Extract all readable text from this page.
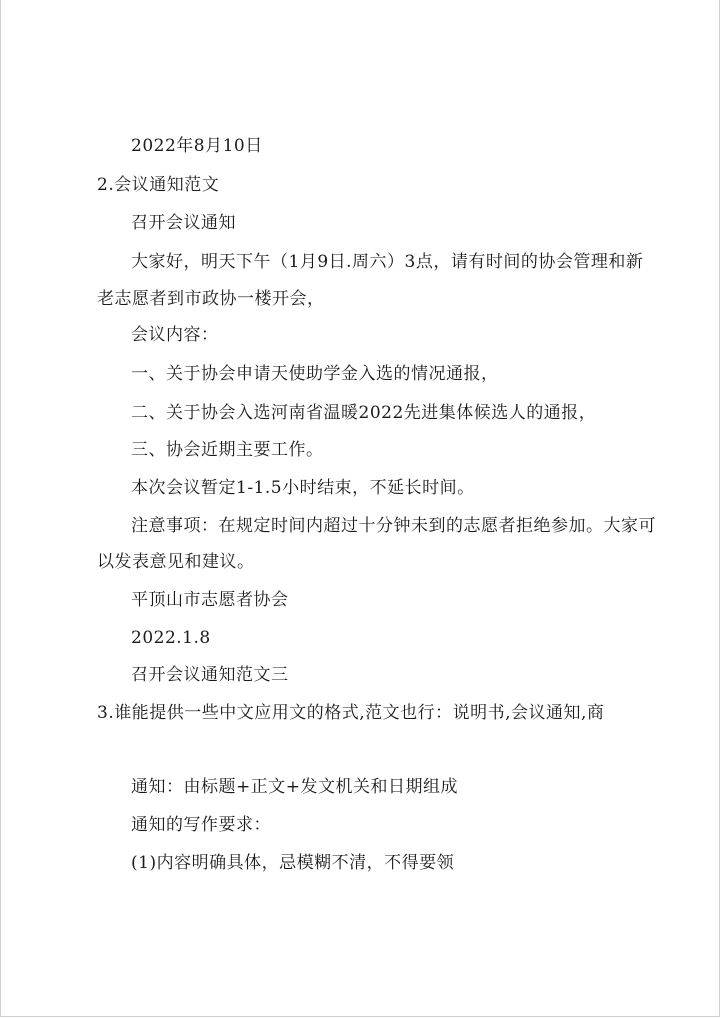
2022年8月10日
2.会议通知范文
召开会议通知
大家好，明天下午（1月9日.周六）3点，请有时间的协会管理和新
老志愿者到市政协一楼开会，
会议内容：
一、关于协会申请天使助学金入选的情况通报，
二、关于协会入选河南省温暖2022先进集体候选人的通报，
三、协会近期主要工作。
本次会议暂定1-1.5小时结束，不延长时间。
注意事项：在规定时间内超过十分钟未到的志愿者拒绝参加。大家可
以发表意见和建议。
平顶山市志愿者协会
2022.1.8
召开会议通知范文三
3.谁能提供一些中文应用文的格式,范文也行：说明书,会议通知,商
通知：由标题+正文+发文机关和日期组成
通知的写作要求：
(1)内容明确具体，忌模糊不清，不得要领
